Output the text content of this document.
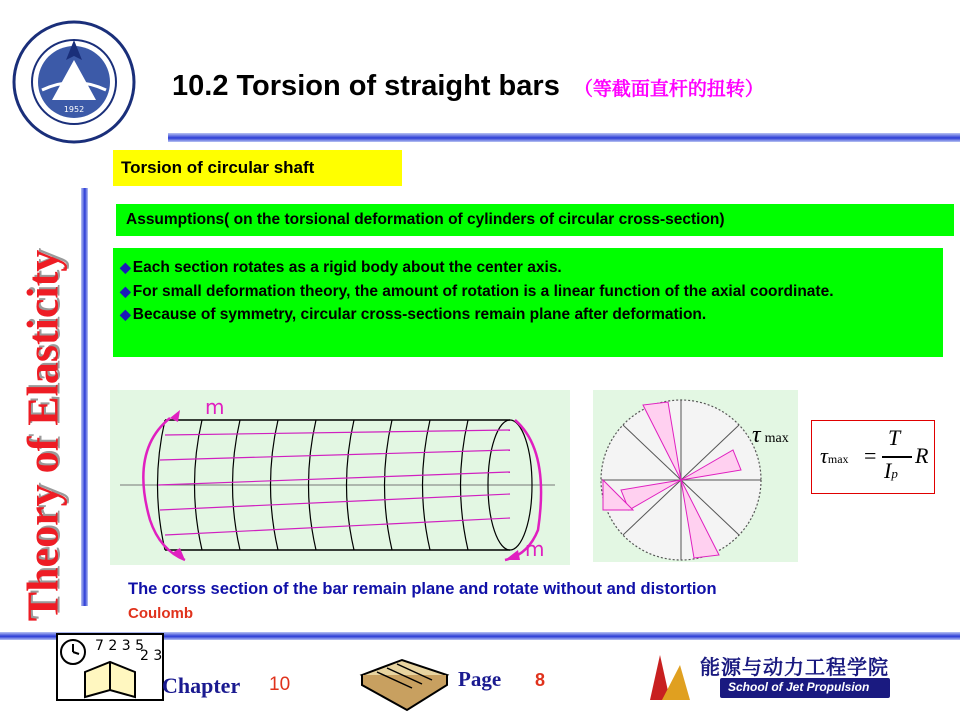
1952
10.2 Torsion of straight bars （等截面直杆的扭转）
Theory of Elasticity
Torsion of circular shaft
Assumptions( on the torsional deformation of cylinders of circular cross-section)
◆ Each section rotates as a rigid body about the center axis.
◆ For small deformation theory, the amount of rotation is a linear function of the axial coordinate.
◆ Because of symmetry, circular cross-sections remain plane after deformation.
m
m
τmax
τmax =
T
Ip
R
The corss section of the bar remain plane and rotate without and distortion
Coulomb
7 2 3 5
2 3
Chapter 10	Page 8
能源与动力工程学院
School of Jet Propulsion
